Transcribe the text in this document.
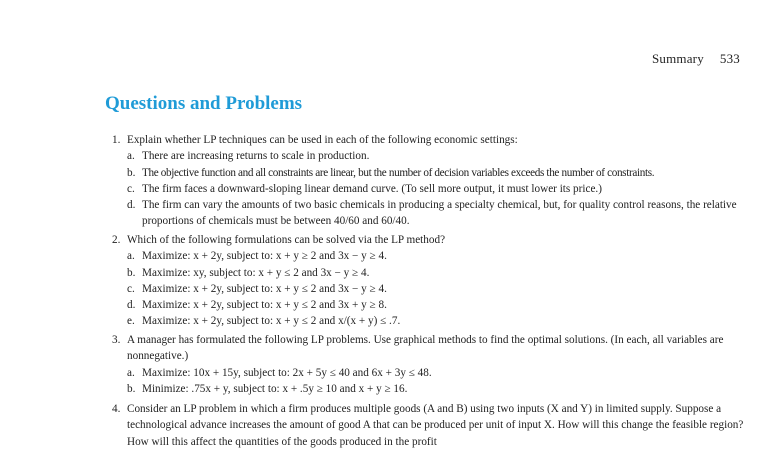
Summary 533
Questions and Problems
1. Explain whether LP techniques can be used in each of the following economic settings:
a. There are increasing returns to scale in production.
b. The objective function and all constraints are linear, but the number of decision variables exceeds the number of constraints.
c. The firm faces a downward-sloping linear demand curve. (To sell more output, it must lower its price.)
d. The firm can vary the amounts of two basic chemicals in producing a specialty chemical, but, for quality control reasons, the relative proportions of chemicals must be between 40/60 and 60/40.
2. Which of the following formulations can be solved via the LP method?
a. Maximize: x + 2y, subject to: x + y ≥ 2 and 3x − y ≥ 4.
b. Maximize: xy, subject to: x + y ≤ 2 and 3x − y ≥ 4.
c. Maximize: x + 2y, subject to: x + y ≤ 2 and 3x − y ≥ 4.
d. Maximize: x + 2y, subject to: x + y ≤ 2 and 3x + y ≥ 8.
e. Maximize: x + 2y, subject to: x + y ≤ 2 and x/(x + y) ≤ .7.
3. A manager has formulated the following LP problems. Use graphical methods to find the optimal solutions. (In each, all variables are nonnegative.)
a. Maximize: 10x + 15y, subject to: 2x + 5y ≤ 40 and 6x + 3y ≤ 48.
b. Minimize: .75x + y, subject to: x + .5y ≥ 10 and x + y ≥ 16.
4. Consider an LP problem in which a firm produces multiple goods (A and B) using two inputs (X and Y) in limited supply. Suppose a technological advance increases the amount of good A that can be produced per unit of input X. How will this change the feasible region? How will this affect the quantities of the goods produced in the profit
